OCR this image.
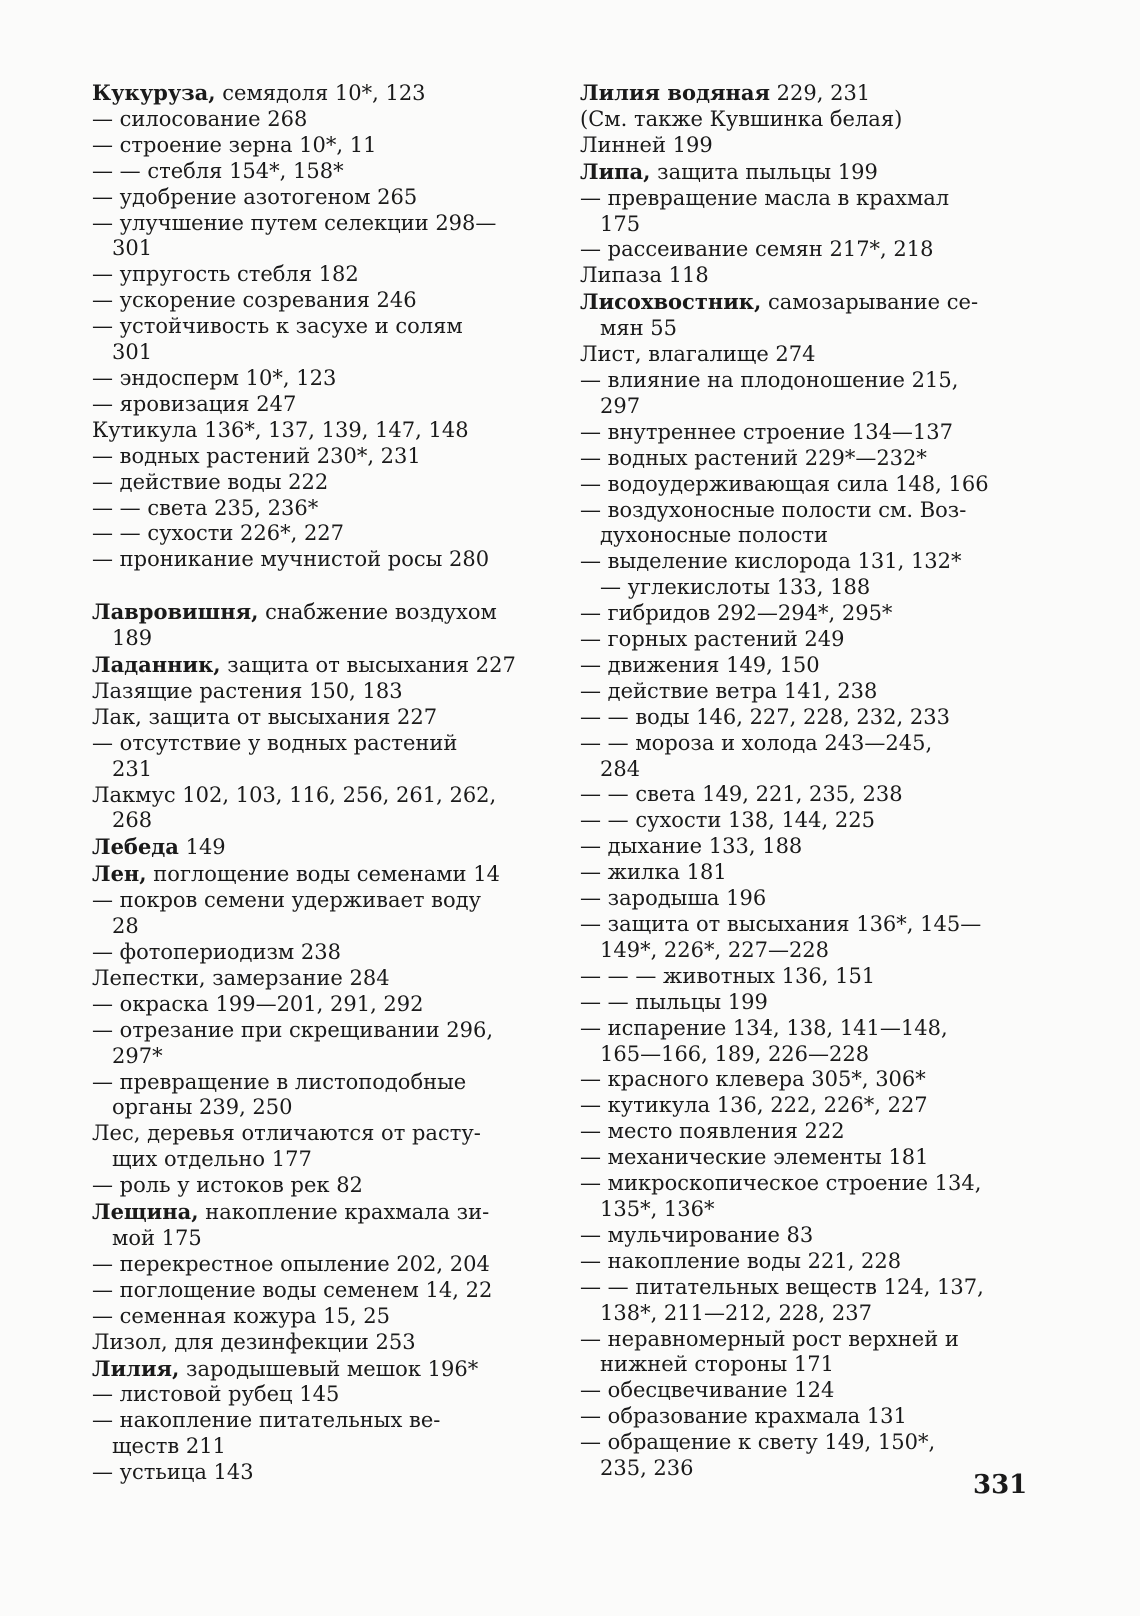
Кукуруза, семядоля 10*, 123
— силосование 268
— строение зерна 10*, 11
— — стебля 154*, 158*
— удобрение азотогеном 265
— улучшение путем селекции 298—
301
— упругость стебля 182
— ускорение созревания 246
— устойчивость к засухе и солям
301
— эндосперм 10*, 123
— яровизация 247
Кутикула 136*, 137, 139, 147, 148
— водных растений 230*, 231
— действие воды 222
— — света 235, 236*
— — сухости 226*, 227
— проникание мучнистой росы 280
Лавровишня, снабжение воздухом
189
Ладанник, защита от высыхания 227
Лазящие растения 150, 183
Лак, защита от высыхания 227
— отсутствие у водных растений
231
Лакмус 102, 103, 116, 256, 261, 262,
268
Лебеда 149
Лен, поглощение воды семенами 14
— покров семени удерживает воду
28
— фотопериодизм 238
Лепестки, замерзание 284
— окраска 199—201, 291, 292
— отрезание при скрещивании 296,
297*
— превращение в листоподобные
органы 239, 250
Лес, деревья отличаются от расту-
щих отдельно 177
— роль у истоков рек 82
Лещина, накопление крахмала зи-
мой 175
— перекрестное опыление 202, 204
— поглощение воды семенем 14, 22
— семенная кожура 15, 25
Лизол, для дезинфекции 253
Лилия, зародышевый мешок 196*
— листовой рубец 145
— накопление питательных ве-
ществ 211
— устьица 143
Лилия водяная 229, 231
(См. также Кувшинка белая)
Линней 199
Липа, защита пыльцы 199
— превращение масла в крахмал
175
— рассеивание семян 217*, 218
Липаза 118
Лисохвостник, самозарывание се-
мян 55
Лист, влагалище 274
— влияние на плодоношение 215,
297
— внутреннее строение 134—137
— водных растений 229*—232*
— водоудерживающая сила 148, 166
— воздухоносные полости см. Воз-
духоносные полости
— выделение кислорода 131, 132*
— углекислоты 133, 188
— гибридов 292—294*, 295*
— горных растений 249
— движения 149, 150
— действие ветра 141, 238
— — воды 146, 227, 228, 232, 233
— — мороза и холода 243—245,
284
— — света 149, 221, 235, 238
— — сухости 138, 144, 225
— дыхание 133, 188
— жилка 181
— зародыша 196
— защита от высыхания 136*, 145—
149*, 226*, 227—228
— — — животных 136, 151
— — пыльцы 199
— испарение 134, 138, 141—148,
165—166, 189, 226—228
— красного клевера 305*, 306*
— кутикула 136, 222, 226*, 227
— место появления 222
— механические элементы 181
— микроскопическое строение 134,
135*, 136*
— мульчирование 83
— накопление воды 221, 228
— — питательных веществ 124, 137,
138*, 211—212, 228, 237
— неравномерный рост верхней и
нижней стороны 171
— обесцвечивание 124
— образование крахмала 131
— обращение к свету 149, 150*,
235, 236
331
